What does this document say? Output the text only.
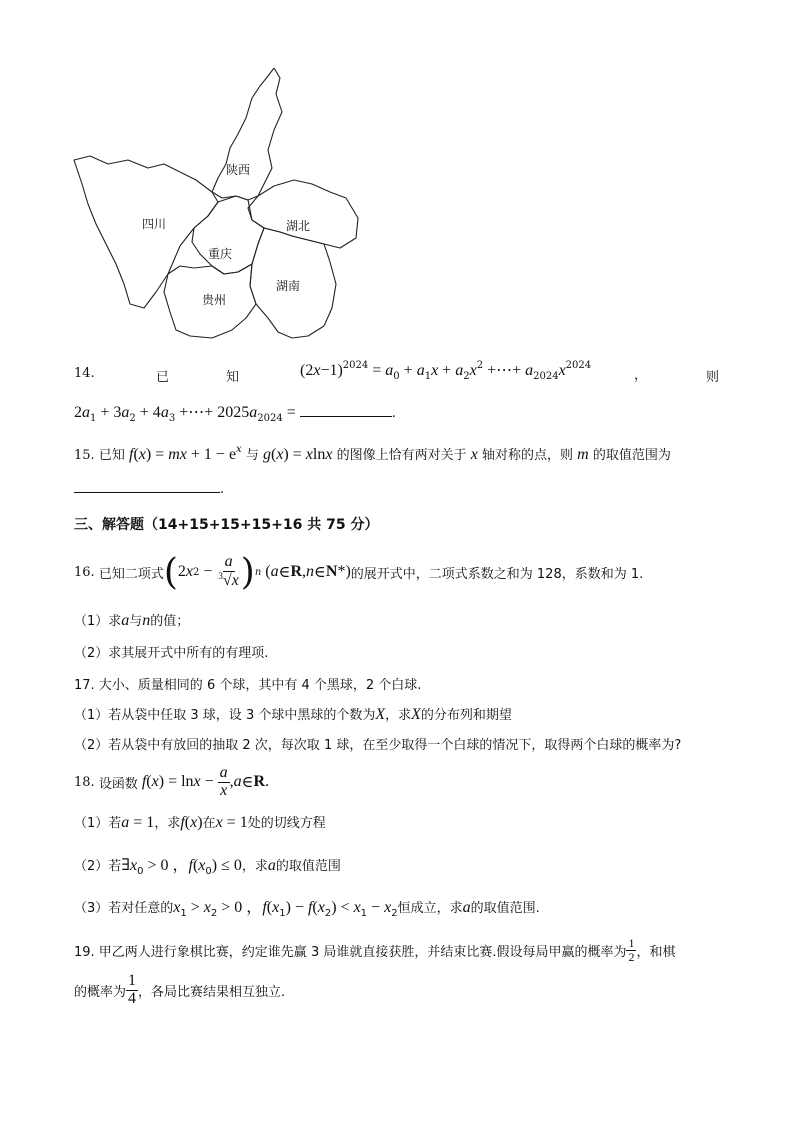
陕西
四川	湖北
重庆
湖南
贵州
14.	已	知	$(2x-1)^{2024} = a_0 + a_1x + a_2x^2$ +⋯+ $a_{2024}x^{2024}$
，	则
$2a_1 + 3a_2 + 4a_3$ +⋯+ $2025a_{2024}$ =	.
15. 已知 f(x) = mx + $1 - e^x$ 与 g(x) = xlnx 的图像上恰有两对关于 x 轴对称的点，则 m 的取值范围为
.
三、解答题（14+15+15+15+16 共 75 分）
16.
已知二项式 ( 2 x $2 - \frac{a}{^3√x}$ ) n ( a ∈ R , n ∈ N *) 的展开式中，二项式系数之和为 128，系数和为 1.
（1）求a与n的值；
（2）求其展开式中所有的有理项.
17. 大小、质量相同的 6 个球，其中有 4 个黑球，2 个白球.
（1）若从袋中任取 3 球，设 3 个球中黑球的个数为X，求X的分布列和期望
（2）若从袋中有放回的抽取 2 次，每次取 1 球，在至少取得一个白球的情况下，取得两个白球的概率为?
18.
设函数 f ( x ) = $\ln x - \frac{a}{x}$ , a ∈ R .
（1）若a = 1，求f(x)在x = 1处的切线方程
（2）若$\exists x_0 > 0$ ，$f(x_0) \le 0$，求a的取值范围
（3）若对任意的$x_1 > x_2 > 0$ ，$f(x_1) - f(x_2) < x_1 - x_2$恒成立，求a的取值范围.
19. 甲乙两人进行象棋比赛，约定谁先赢 3 局谁就直接获胜，并结束比赛.假设每局甲赢的概率为 $\frac{1}{2}$ ，和棋
的概率为 $\frac{1}{4}$ ，各局比赛结果相互独立.
